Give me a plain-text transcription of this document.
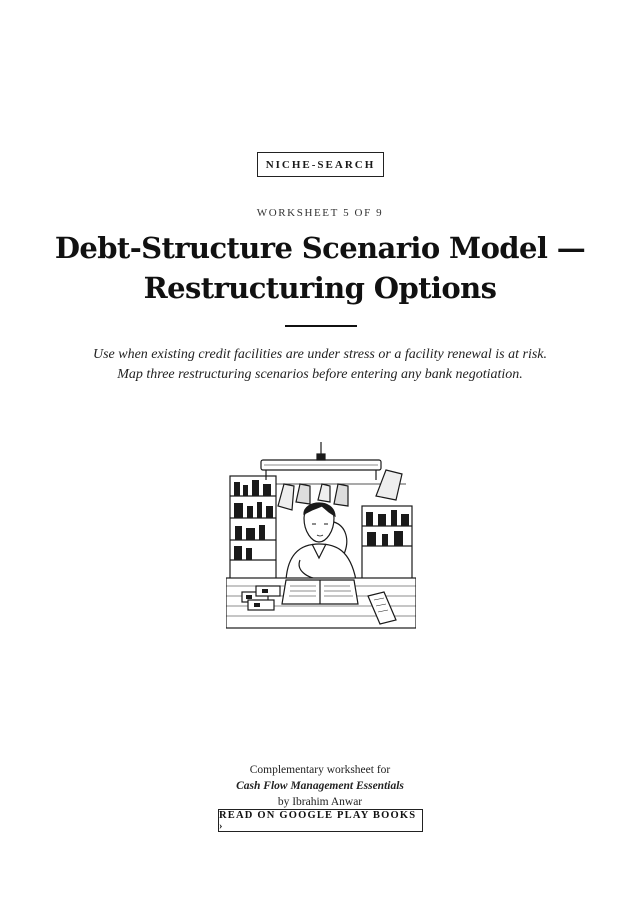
NICHE-SEARCH
WORKSHEET 5 OF 9
Debt-Structure Scenario Model —
Restructuring Options

Use when existing credit facilities are under stress or a facility renewal is at risk.
Map three restructuring scenarios before entering any bank negotiation.

Complementary worksheet for
Cash Flow Management Essentials
by Ibrahim Anwar
READ ON GOOGLE PLAY BOOKS ›
